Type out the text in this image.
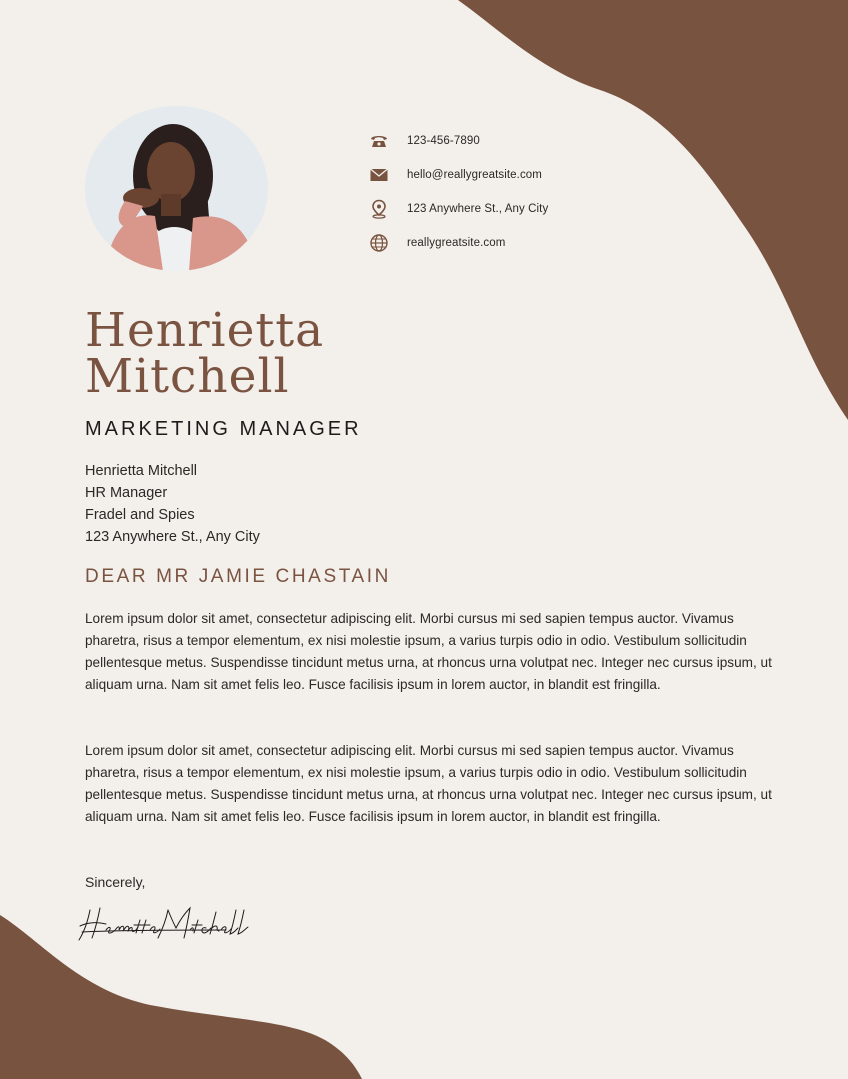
123-456-7890
hello@reallygreatsite.com
123 Anywhere St., Any City
reallygreatsite.com
Henrietta
Mitchell
MARKETING MANAGER
Henrietta Mitchell
HR Manager
Fradel and Spies
123 Anywhere St., Any City
DEAR MR JAMIE CHASTAIN

Lorem ipsum dolor sit amet, consectetur adipiscing elit. Morbi cursus mi sed sapien tempus auctor. Vivamus pharetra, risus a tempor elementum, ex nisi molestie ipsum, a varius turpis odio in odio. Vestibulum sollicitudin pellentesque metus. Suspendisse tincidunt metus urna, at rhoncus urna volutpat nec. Integer nec cursus ipsum, ut aliquam urna. Nam sit amet felis leo. Fusce facilisis ipsum in lorem auctor, in blandit est fringilla.

Lorem ipsum dolor sit amet, consectetur adipiscing elit. Morbi cursus mi sed sapien tempus auctor. Vivamus pharetra, risus a tempor elementum, ex nisi molestie ipsum, a varius turpis odio in odio. Vestibulum sollicitudin pellentesque metus. Suspendisse tincidunt metus urna, at rhoncus urna volutpat nec. Integer nec cursus ipsum, ut aliquam urna. Nam sit amet felis leo. Fusce facilisis ipsum in lorem auctor, in blandit est fringilla.

Sincerely,
